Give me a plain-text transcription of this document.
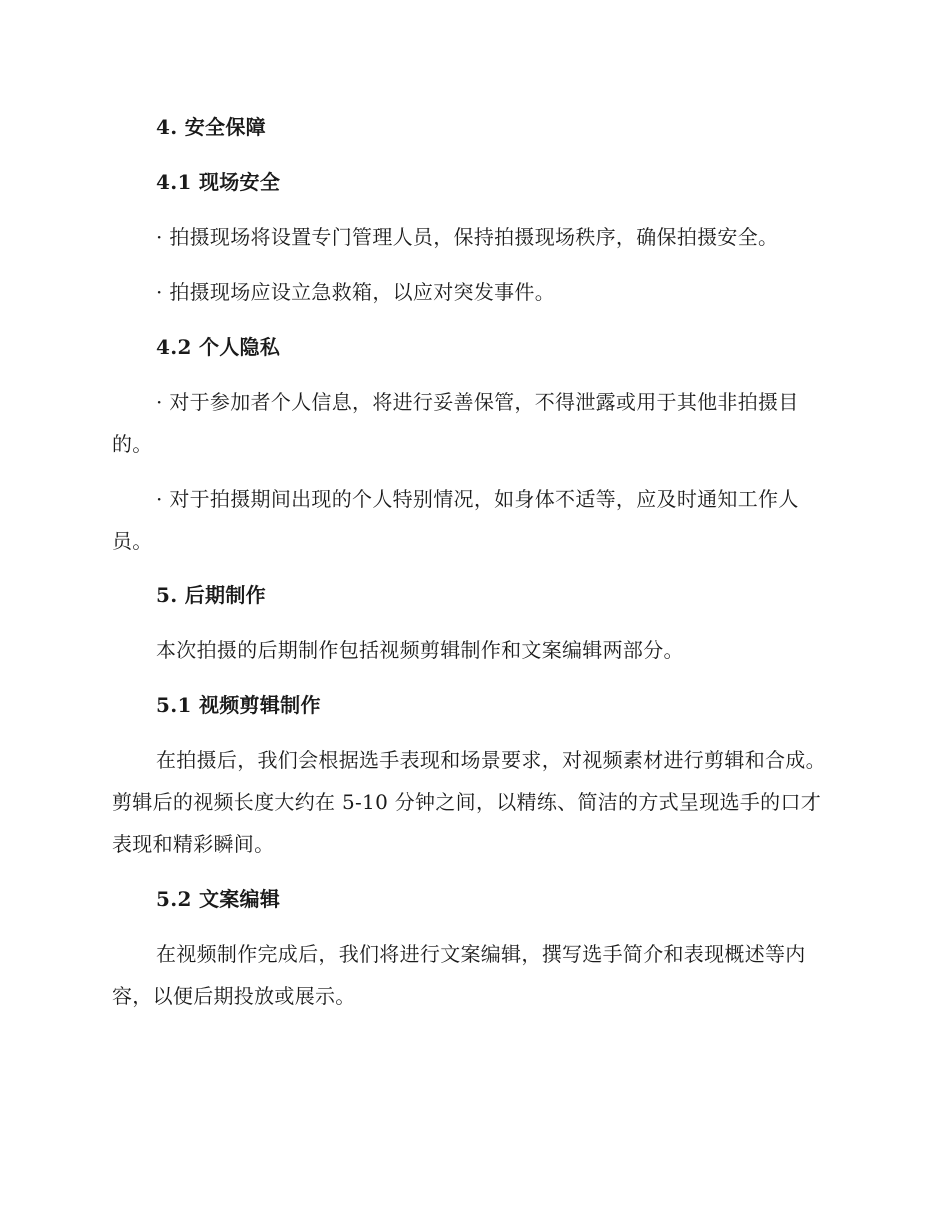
4. 安全保障

4.1 现场安全

· 拍摄现场将设置专门管理人员，保持拍摄现场秩序，确保拍摄安全。

· 拍摄现场应设立急救箱，以应对突发事件。

4.2 个人隐私

· 对于参加者个人信息，将进行妥善保管，不得泄露或用于其他非拍摄目的。

· 对于拍摄期间出现的个人特别情况，如身体不适等，应及时通知工作人员。

5. 后期制作

本次拍摄的后期制作包括视频剪辑制作和文案编辑两部分。

5.1 视频剪辑制作

在拍摄后，我们会根据选手表现和场景要求，对视频素材进行剪辑和合成。剪辑后的视频长度大约在 5-10 分钟之间，以精练、简洁的方式呈现选手的口才表现和精彩瞬间。

5.2 文案编辑

在视频制作完成后，我们将进行文案编辑，撰写选手简介和表现概述等内容，以便后期投放或展示。
